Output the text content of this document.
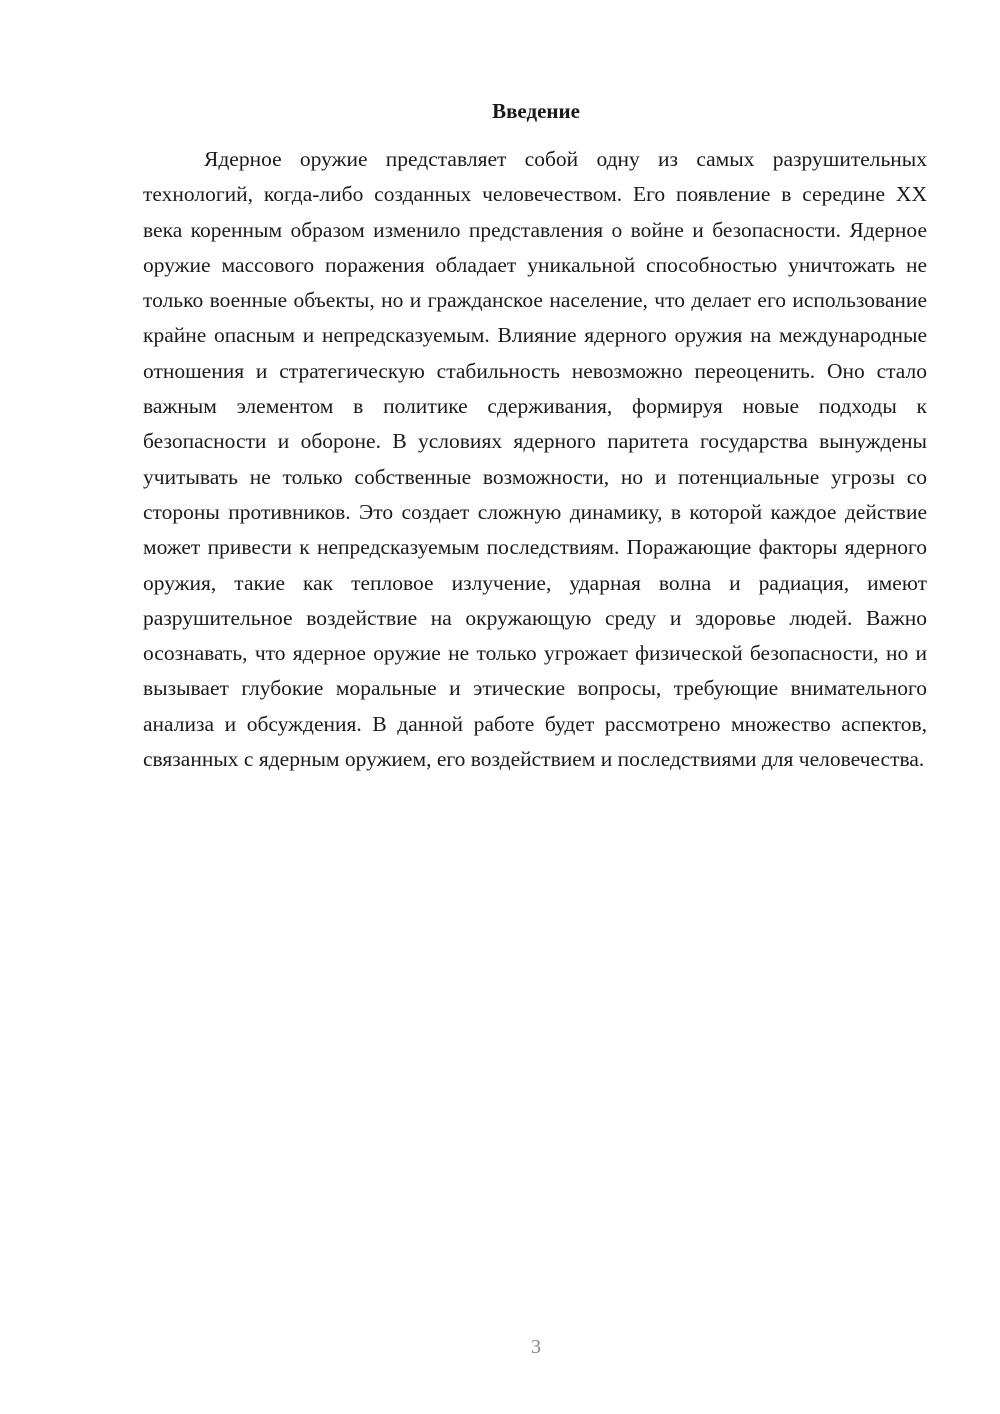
Введение

Ядерное оружие представляет собой одну из самых разрушительных технологий, когда-либо созданных человечеством. Его появление в середине XX века коренным образом изменило представления о войне и безопасности. Ядерное оружие массового поражения обладает уникальной способностью уничтожать не только военные объекты, но и гражданское население, что делает его использование крайне опасным и непредсказуемым. Влияние ядерного оружия на международные отношения и стратегическую стабильность невозможно переоценить. Оно стало важным элементом в политике сдерживания, формируя новые подходы к безопасности и обороне. В условиях ядерного паритета государства вынуждены учитывать не только собственные возможности, но и потенциальные угрозы со стороны противников. Это создает сложную динамику, в которой каждое действие может привести к непредсказуемым последствиям. Поражающие факторы ядерного оружия, такие как тепловое излучение, ударная волна и радиация, имеют разрушительное воздействие на окружающую среду и здоровье людей. Важно осознавать, что ядерное оружие не только угрожает физической безопасности, но и вызывает глубокие моральные и этические вопросы, требующие внимательного анализа и обсуждения. В данной работе будет рассмотрено множество аспектов, связанных с ядерным оружием, его воздействием и последствиями для человечества.

3
